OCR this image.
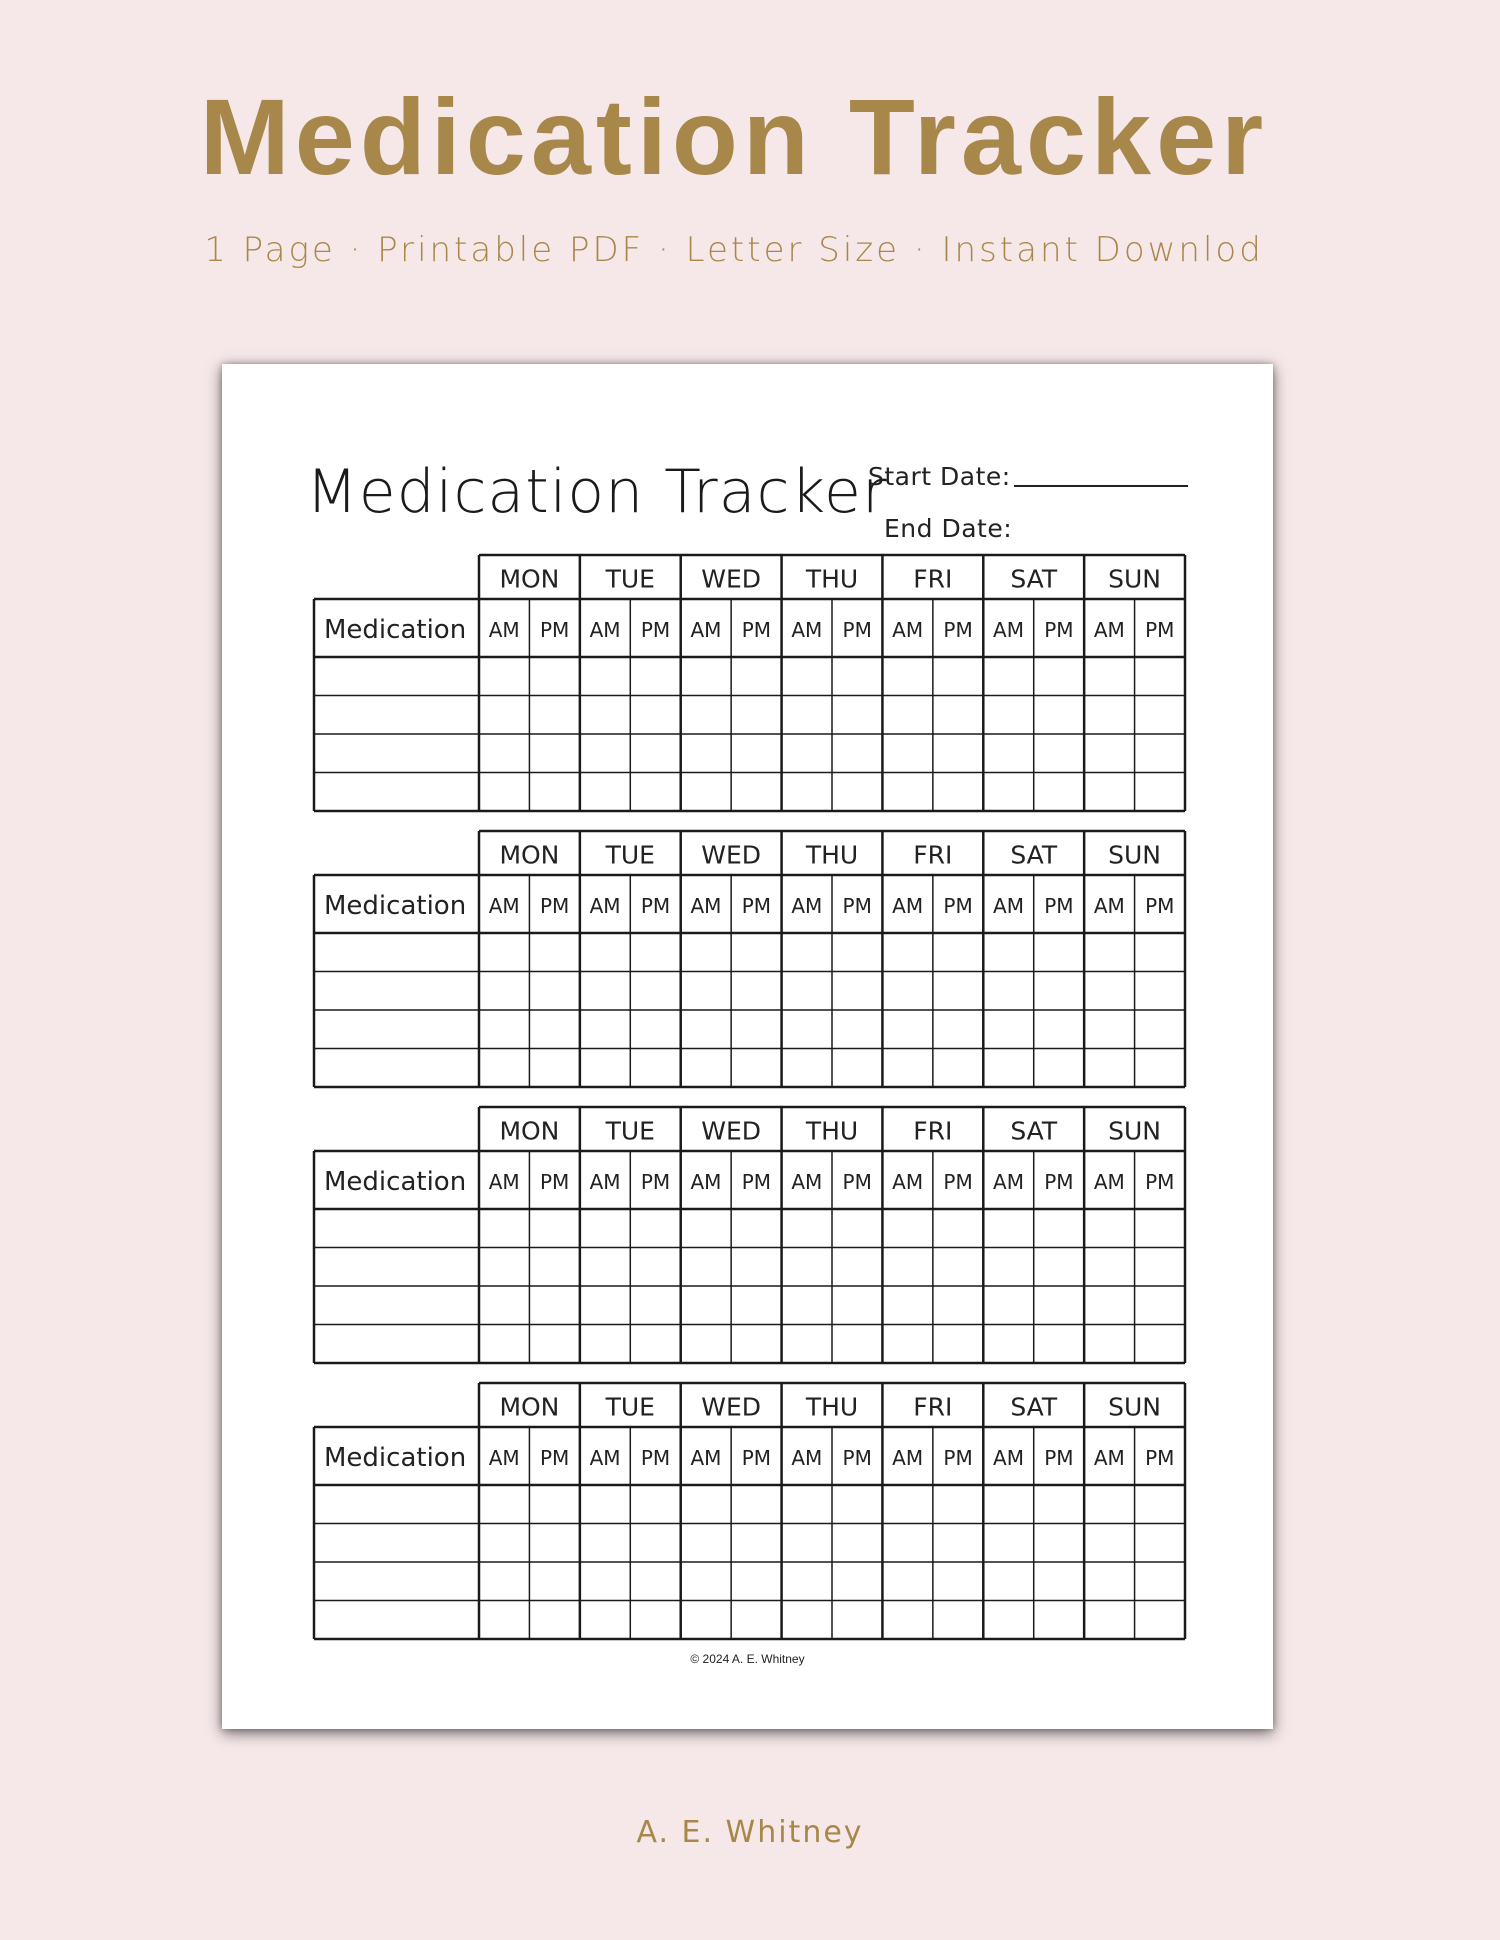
Medication Tracker
1 Page · Printable PDF · Letter Size · Instant Downlod
Medication Tracker
Start Date:
End Date:
MON TUE WED THU FRI SAT SUN
Medication AM PM AM PM AM PM AM PM AM PM AM PM AM PM
MON TUE WED THU FRI SAT SUN
Medication AM PM AM PM AM PM AM PM AM PM AM PM AM PM
MON TUE WED THU FRI SAT SUN
Medication AM PM AM PM AM PM AM PM AM PM AM PM AM PM
MON TUE WED THU FRI SAT SUN
Medication AM PM AM PM AM PM AM PM AM PM AM PM AM PM
© 2024 A. E. Whitney
A. E. Whitney
